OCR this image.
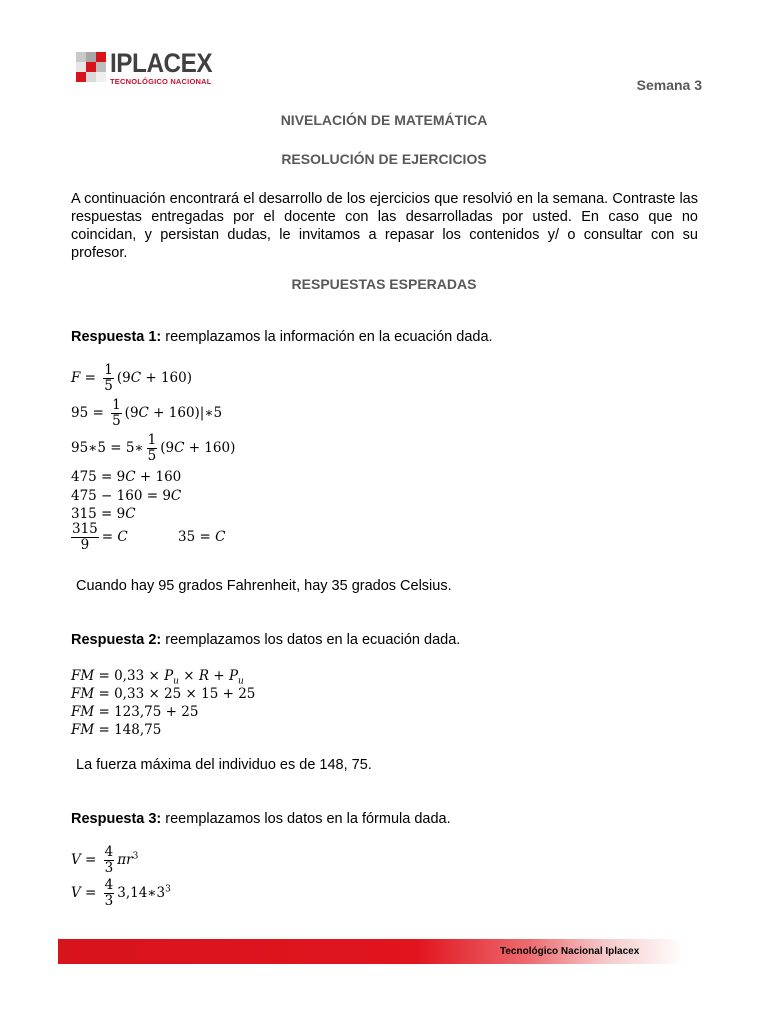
IPLACEX
TECNOLÓGICO NACIONAL	Semana 3
NIVELACIÓN DE MATEMÁTICA
RESOLUCIÓN DE EJERCICIOS
A continuación encontrará el desarrollo de los ejercicios que resolvió en la semana. Contraste las respuestas entregadas por el docente con las desarrolladas por usted. En caso que no coincidan, y persistan dudas, le invitamos a repasar los contenidos y/ o consultar con su profesor.
RESPUESTAS ESPERADAS
Respuesta 1: reemplazamos la información en la ecuación dada.
$F = \frac{1}{5} (9C + 160)$
$95 = \frac{1}{5} (9C$ + 160)|∗5
95∗5 = 5∗ $\frac{1}{5} (9C + 160)$
475 = 9C + 160
475 − 160 = 9C
315 = 9C
$\frac{315}{9} = C$	35 = C
Cuando hay 95 grados Fahrenheit, hay 35 grados Celsius.
Respuesta 2: reemplazamos los datos en la ecuación dada.
FM = $0,33 \times P_u \times R + P_u$
FM = 0,33 × 25 × 15 + 25
FM = 123,75 + 25
FM = 148,75
La fuerza máxima del individuo es de 148, 75.
Respuesta 3: reemplazamos los datos en la fórmula dada.
$V = \frac{4}{3} \pi r^3$
$V = \frac{4}{3}$ $3,14∗3^3$
Tecnológico Nacional Iplacex
